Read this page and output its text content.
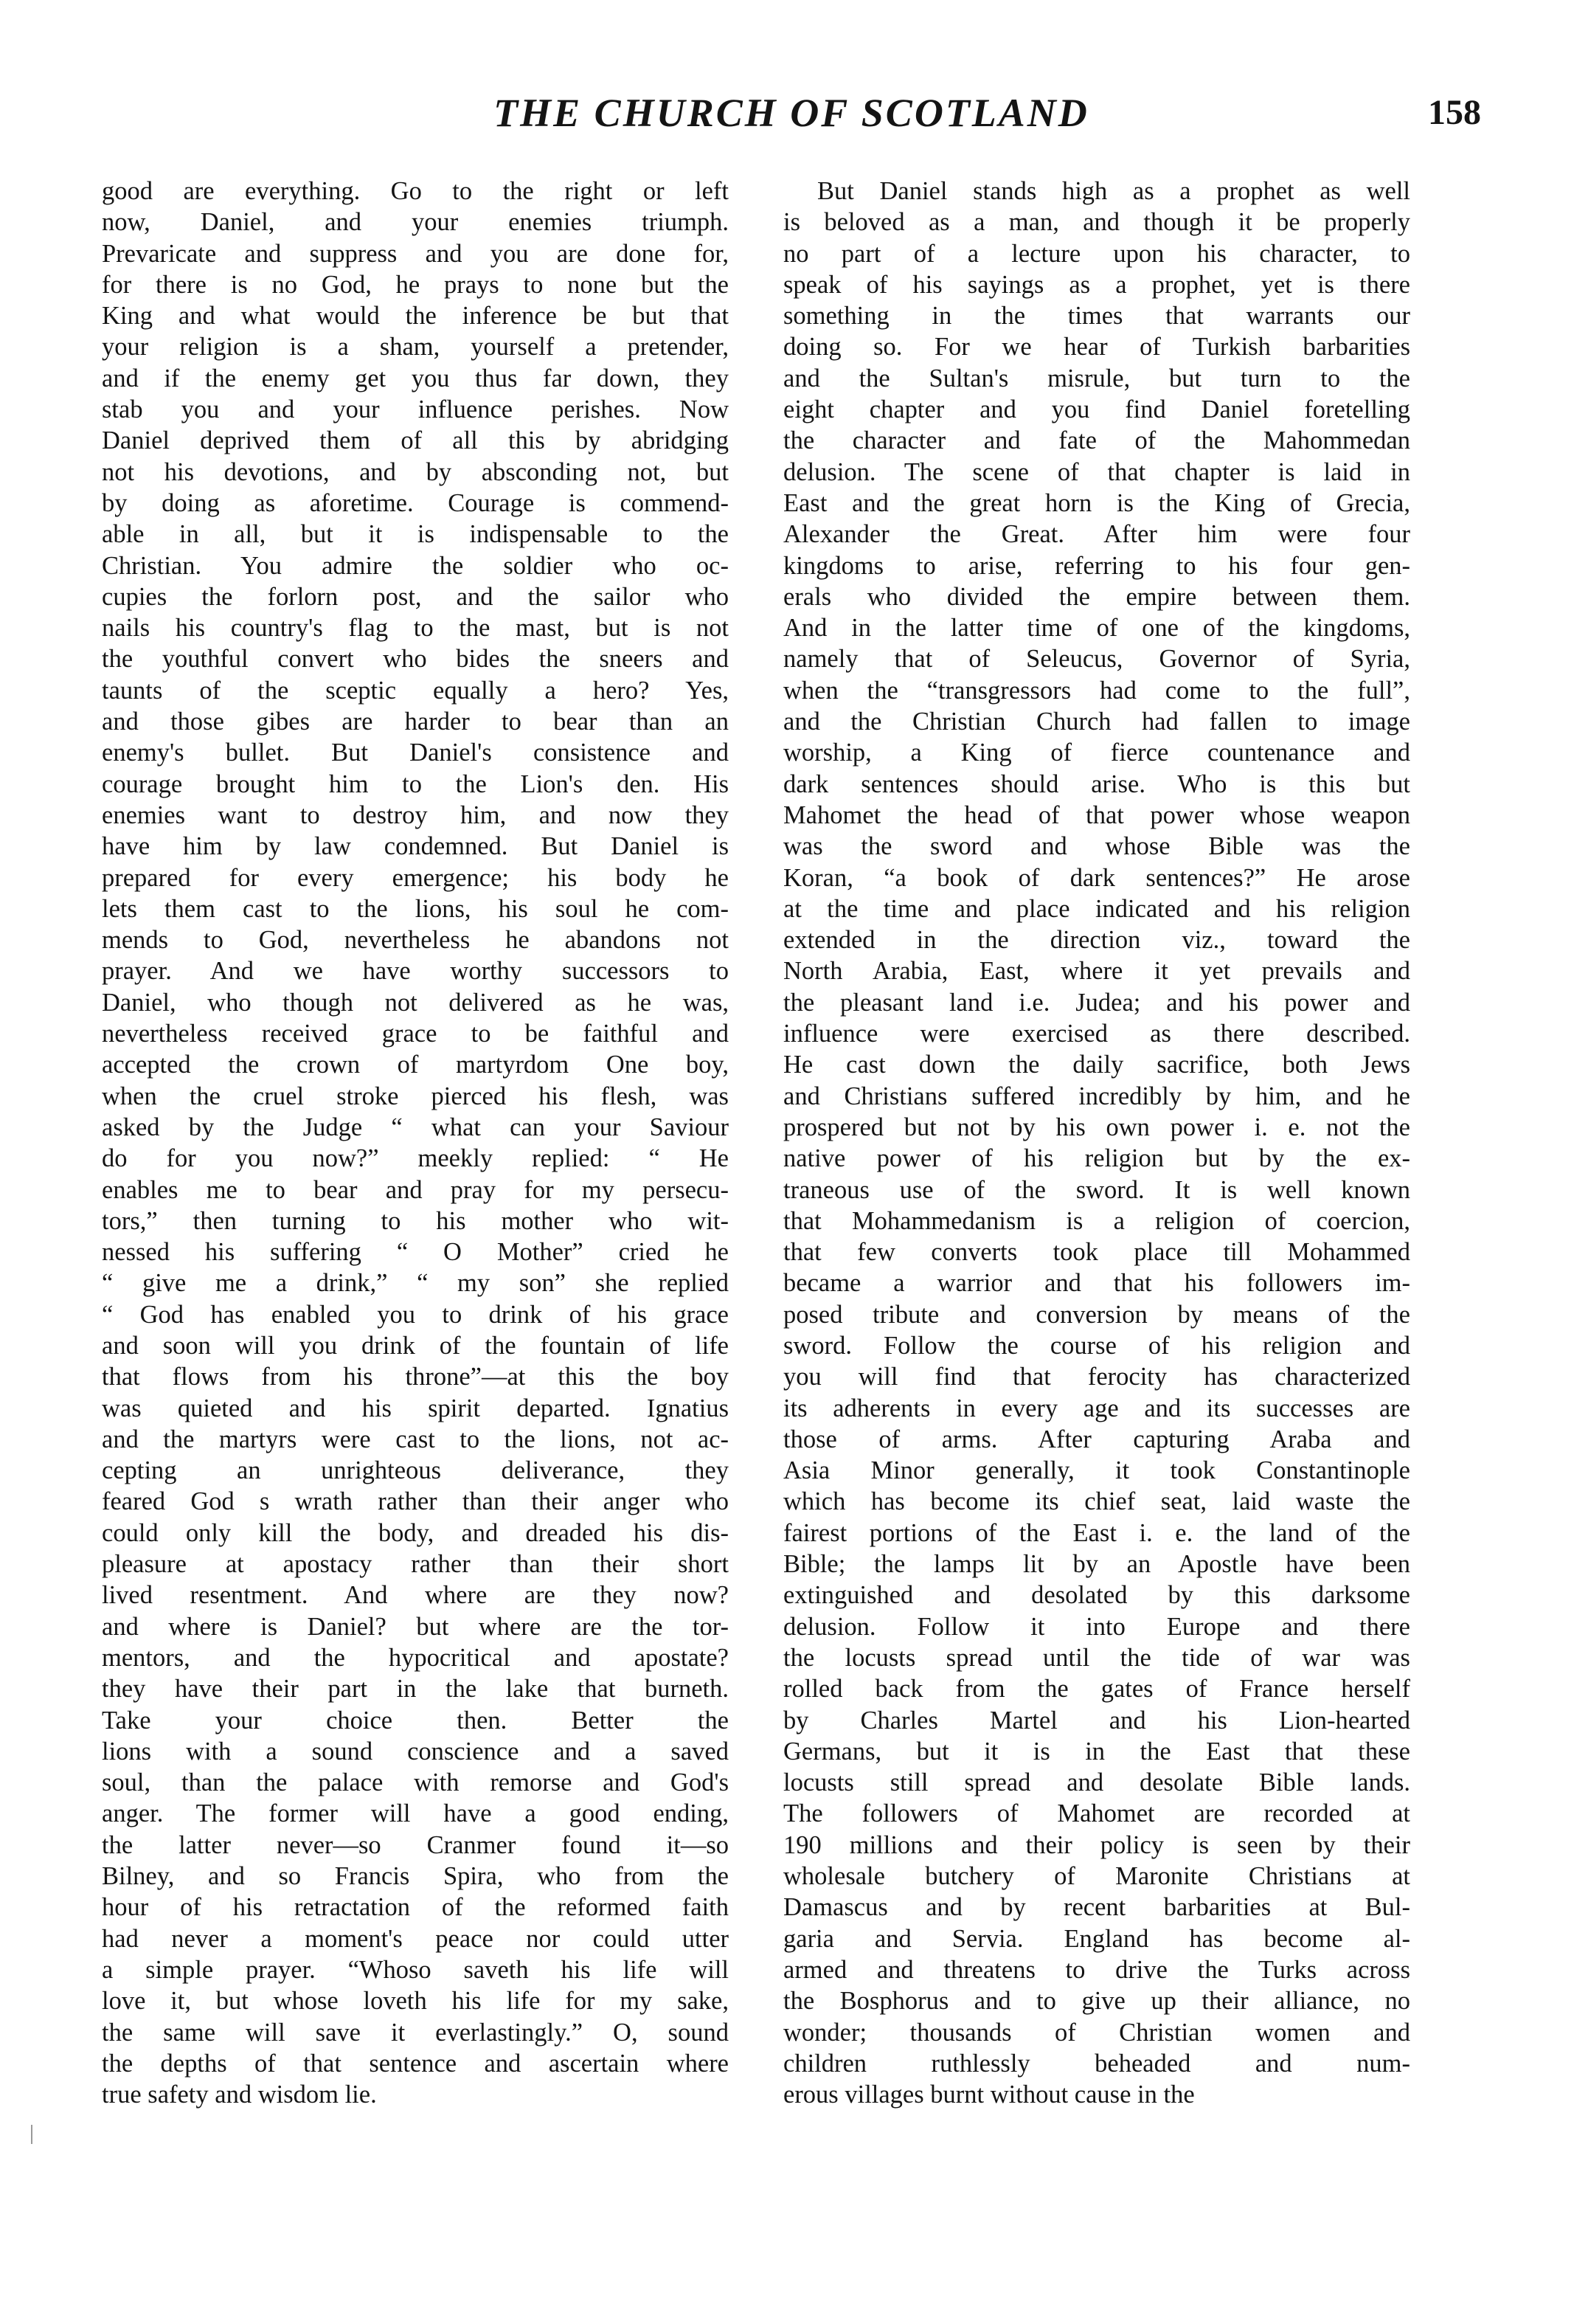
THE CHURCH OF SCOTLAND	158
good are everything. Go to the right or left
now, Daniel, and your enemies triumph.
Prevaricate and suppress and you are done for,
for there is no God, he prays to none but the
King and what would the inference be but that
your religion is a sham, yourself a pretender,
and if the enemy get you thus far down, they
stab you and your influence perishes. Now
Daniel deprived them of all this by abridging
not his devotions, and by absconding not, but
by doing as aforetime. Courage is commend-
able in all, but it is indispensable to the
Christian. You admire the soldier who oc-
cupies the forlorn post, and the sailor who
nails his country's flag to the mast, but is not
the youthful convert who bides the sneers and
taunts of the sceptic equally a hero? Yes,
and those gibes are harder to bear than an
enemy's bullet. But Daniel's consistence and
courage brought him to the Lion's den. His
enemies want to destroy him, and now they
have him by law condemned. But Daniel is
prepared for every emergence; his body he
lets them cast to the lions, his soul he com-
mends to God, nevertheless he abandons not
prayer. And we have worthy successors to
Daniel, who though not delivered as he was,
nevertheless received grace to be faithful and
accepted the crown of martyrdom One boy,
when the cruel stroke pierced his flesh, was
asked by the Judge “ what can your Saviour
do for you now?” meekly replied: “ He
enables me to bear and pray for my persecu-
tors,” then turning to his mother who wit-
nessed his suffering “ O Mother” cried he
“ give me a drink,” “ my son” she replied
“ God has enabled you to drink of his grace
and soon will you drink of the fountain of life
that flows from his throne”—at this the boy
was quieted and his spirit departed. Ignatius
and the martyrs were cast to the lions, not ac-
cepting an unrighteous deliverance, they
feared God s wrath rather than their anger who
could only kill the body, and dreaded his dis-
pleasure at apostacy rather than their short
lived resentment. And where are they now?
and where is Daniel? but where are the tor-
mentors, and the hypocritical and apostate?
they have their part in the lake that burneth.
Take your choice then. Better the
lions with a sound conscience and a saved
soul, than the palace with remorse and God's
anger. The former will have a good ending,
the latter never—so Cranmer found it—so
Bilney, and so Francis Spira, who from the
hour of his retractation of the reformed faith
had never a moment's peace nor could utter
a simple prayer. “Whoso saveth his life will
love it, but whose loveth his life for my sake,
the same will save it everlastingly.” O, sound
the depths of that sentence and ascertain where
true safety and wisdom lie.
But Daniel stands high as a prophet as well
is beloved as a man, and though it be properly
no part of a lecture upon his character, to
speak of his sayings as a prophet, yet is there
something in the times that warrants our
doing so. For we hear of Turkish barbarities
and the Sultan's misrule, but turn to the
eight chapter and you find Daniel foretelling
the character and fate of the Mahommedan
delusion. The scene of that chapter is laid in
East and the great horn is the King of Grecia,
Alexander the Great. After him were four
kingdoms to arise, referring to his four gen-
erals who divided the empire between them.
And in the latter time of one of the kingdoms,
namely that of Seleucus, Governor of Syria,
when the “transgressors had come to the full”,
and the Christian Church had fallen to image
worship, a King of fierce countenance and
dark sentences should arise. Who is this but
Mahomet the head of that power whose weapon
was the sword and whose Bible was the
Koran, “a book of dark sentences?” He arose
at the time and place indicated and his religion
extended in the direction viz., toward the
North Arabia, East, where it yet prevails and
the pleasant land i.e. Judea; and his power and
influence were exercised as there described.
He cast down the daily sacrifice, both Jews
and Christians suffered incredibly by him, and he
prospered but not by his own power i. e. not the
native power of his religion but by the ex-
traneous use of the sword. It is well known
that Mohammedanism is a religion of coercion,
that few converts took place till Mohammed
became a warrior and that his followers im-
posed tribute and conversion by means of the
sword. Follow the course of his religion and
you will find that ferocity has characterized
its adherents in every age and its successes are
those of arms. After capturing Araba and
Asia Minor generally, it took Constantinople
which has become its chief seat, laid waste the
fairest portions of the East i. e. the land of the
Bible; the lamps lit by an Apostle have been
extinguished and desolated by this darksome
delusion. Follow it into Europe and there
the locusts spread until the tide of war was
rolled back from the gates of France herself
by Charles Martel and his Lion-hearted
Germans, but it is in the East that these
locusts still spread and desolate Bible lands.
The followers of Mahomet are recorded at
190 millions and their policy is seen by their
wholesale butchery of Maronite Christians at
Damascus and by recent barbarities at Bul-
garia and Servia. England has become al-
armed and threatens to drive the Turks across
the Bosphorus and to give up their alliance, no
wonder; thousands of Christian women and
children ruthlessly beheaded and num-
erous villages burnt without cause in the
